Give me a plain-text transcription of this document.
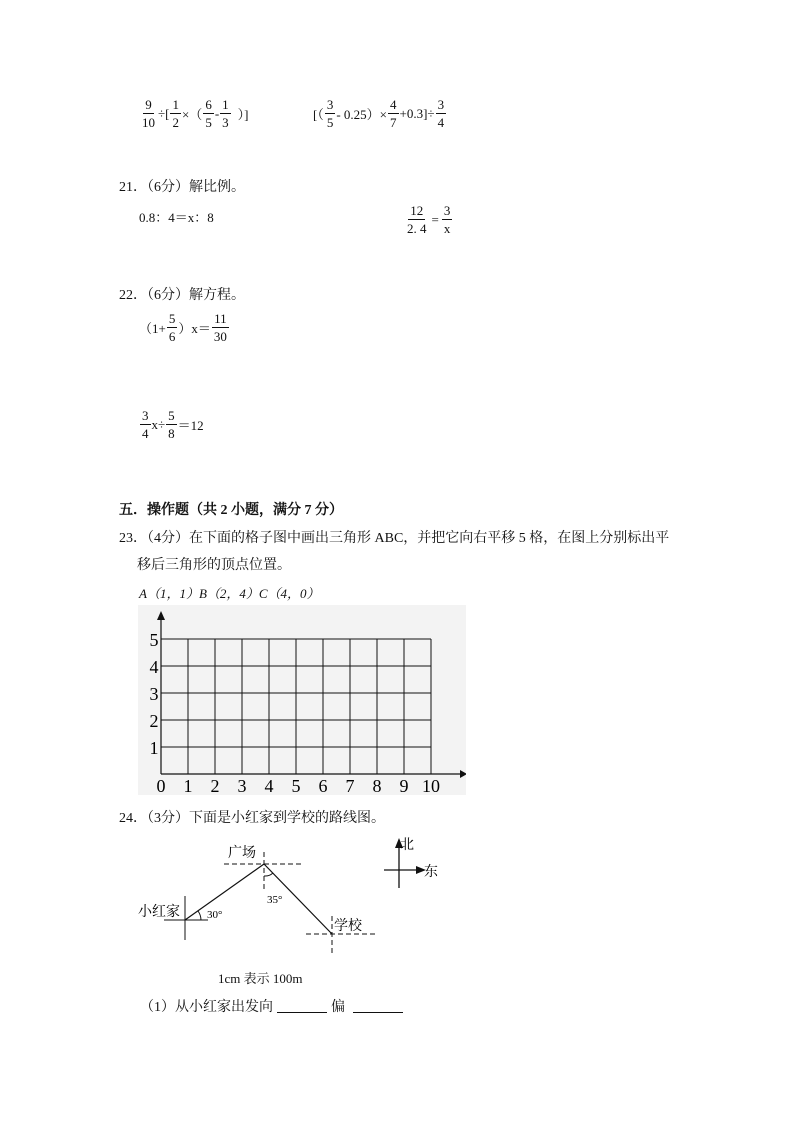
$\frac{9}{10}$ ÷[ $\frac{1}{2}$ ×（ $\frac{6}{5} - \frac{1}{3}$ ）]	[（ $\frac{3}{5} - 0.25)\times \frac{4}{7} +0.3]\div \frac{3}{4}$
21．（6分）解比例。
0.8：4＝x：8	$\frac{12}{2. 4} = \frac{3}{x}$
22．（6分）解方程。
$(1+ \frac{5}{6} )x= \frac{11}{30}$
$\frac{3}{4} x\div \frac{5}{8} =12$
五．操作题（共 2 小题，满分 7 分）
23．（4分）在下面的格子图中画出三角形 ABC，并把它向右平移 5 格，在图上分别标出平
移后三角形的顶点位置。
A（1，1）B（2，4）C（4，0）
0 1 2 3 4 5 6 7 8 9 10
1
2
3
4
5
24．（3分）下面是小红家到学校的路线图。
广场
小红家
学校
30°
35°
北
东
1cm 表示 100m
（1）从小红家出发向	偏
